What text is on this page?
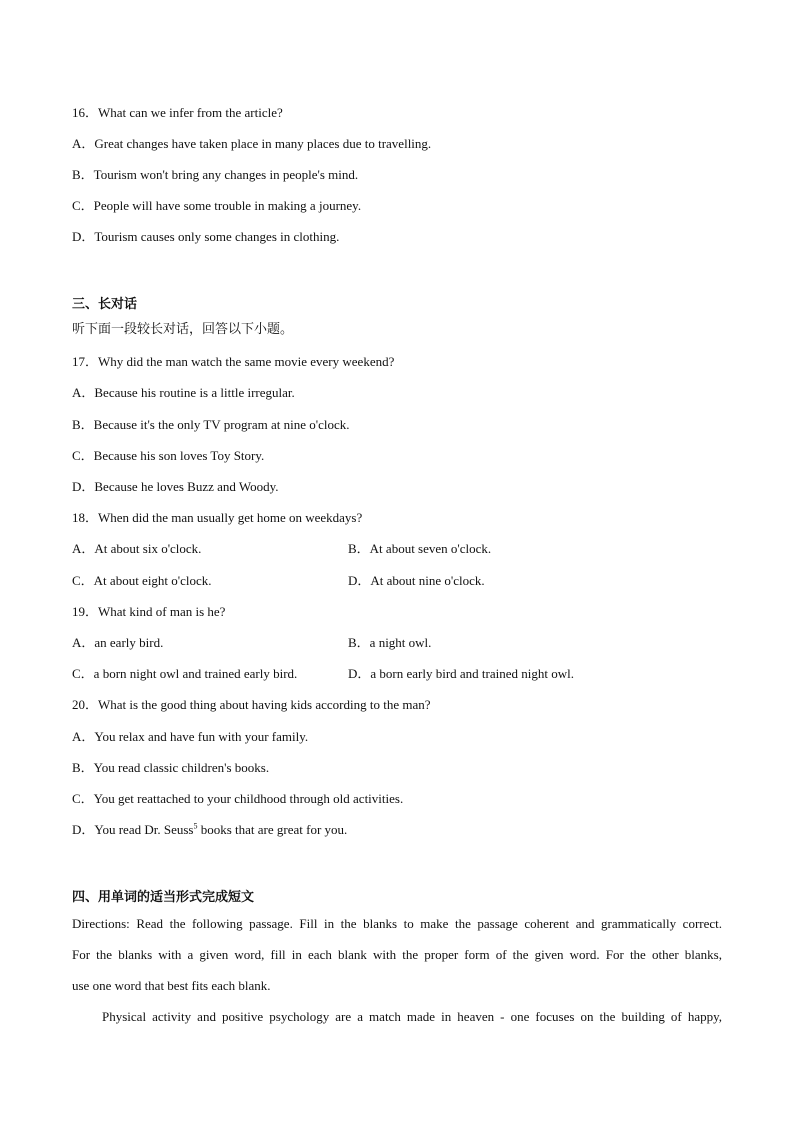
16．What can we infer from the article?
A．Great changes have taken place in many places due to travelling.
B．Tourism won't bring any changes in people's mind.
C．People will have some trouble in making a journey.
D．Tourism causes only some changes in clothing.
三、长对话
听下面一段较长对话，回答以下小题。
17．Why did the man watch the same movie every weekend?
A．Because his routine is a little irregular.
B．Because it's the only TV program at nine o'clock.
C．Because his son loves Toy Story.
D．Because he loves Buzz and Woody.
18．When did the man usually get home on weekdays?
A．At about six o'clock.	B．At about seven o'clock.
C．At about eight o'clock.	D．At about nine o'clock.
19．What kind of man is he?
A．an early bird.	B．a night owl.
C．a born night owl and trained early bird.	D．a born early bird and trained night owl.
20．What is the good thing about having kids according to the man?
A．You relax and have fun with your family.
B．You read classic children's books.
C．You get reattached to your childhood through old activities.
D．You read Dr. Seuss$^5$ books that are great for you.
四、用单词的适当形式完成短文
Directions: Read the following passage. Fill in the blanks to make the passage coherent and grammatically correct.
For the blanks with a given word, fill in each blank with the proper form of the given word. For the other blanks,
use one word that best fits each blank.
Physical activity and positive psychology are a match made in heaven - one focuses on the building of happy,
